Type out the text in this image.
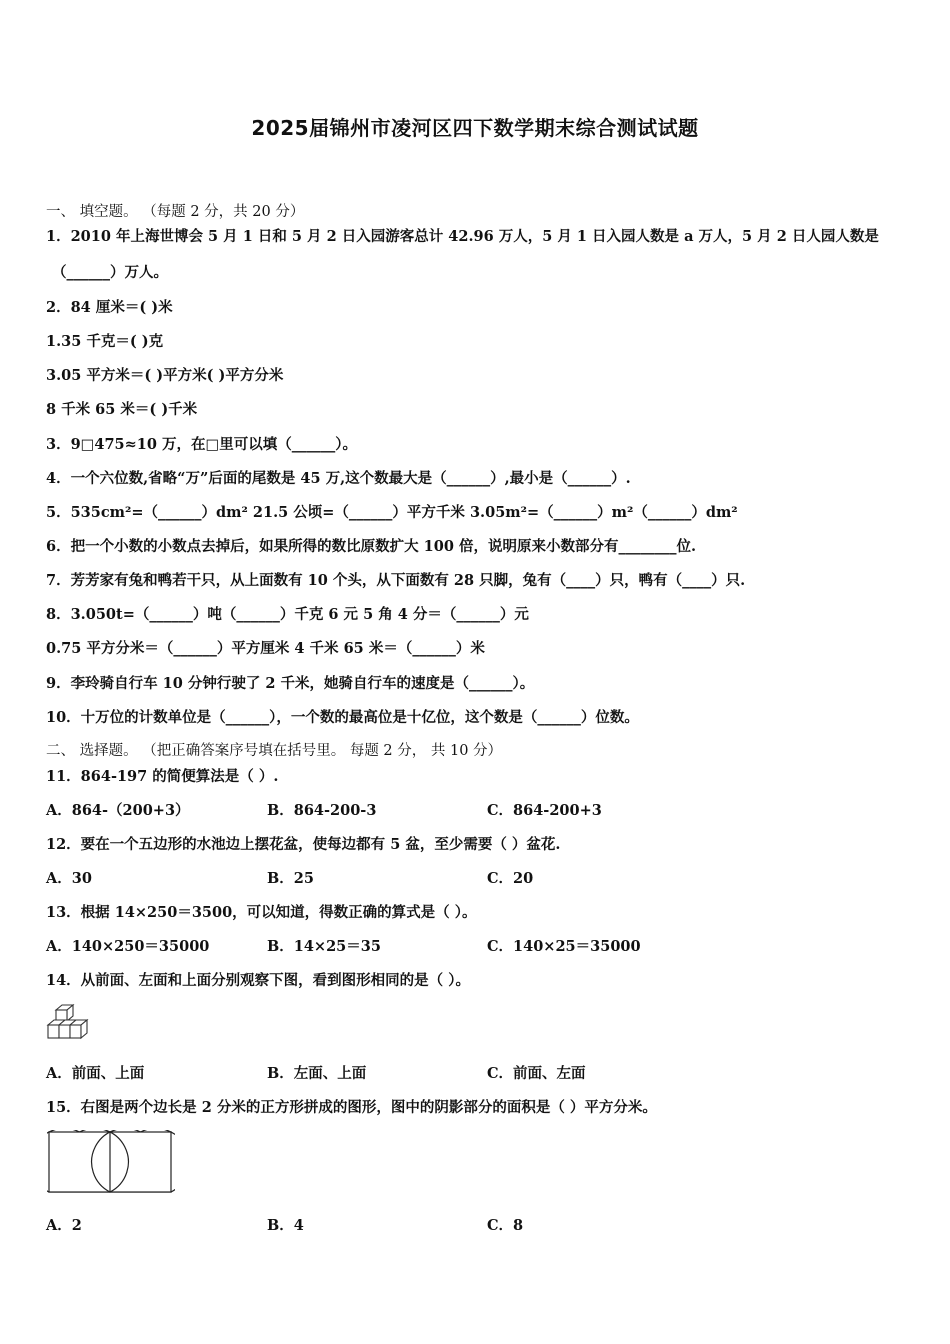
2025届锦州市凌河区四下数学期末综合测试试题
一、 填空题。 （每题 2 分，共 20 分）
1．2010 年上海世博会 5 月 1 日和 5 月 2 日入园游客总计 42.96 万人，5 月 1 日入园人数是 a 万人，5 月 2 日人园人数是
（______）万人。
2．84 厘米＝( )米
1.35 千克＝( )克
3.05 平方米＝( )平方米( )平方分米
8 千米 65 米＝( )千米
3．9□475≈10 万，在□里可以填（______）。
4．一个六位数,省略“万”后面的尾数是 45 万,这个数最大是（______）,最小是（______）.
5．535cm²=（______）dm² 21.5 公顷=（______）平方千米 3.05m²=（______）m²（______）dm²
6．把一个小数的小数点去掉后，如果所得的数比原数扩大 100 倍，说明原来小数部分有________位.
7．芳芳家有兔和鸭若干只，从上面数有 10 个头，从下面数有 28 只脚，兔有（____）只，鸭有（____）只.
8．3.050t=（______）吨（______）千克 6 元 5 角 4 分＝（______）元
0.75 平方分米＝（______）平方厘米 4 千米 65 米＝（______）米
9．李玲骑自行车 10 分钟行驶了 2 千米，她骑自行车的速度是（______）。
10．十万位的计数单位是（______），一个数的最高位是十亿位，这个数是（______）位数。
二、 选择题。 （把正确答案序号填在括号里。 每题 2 分， 共 10 分）
11．864-197 的简便算法是（ ）.
A．864-（200+3）	B．864-200-3	C．864-200+3
12．要在一个五边形的水池边上摆花盆，使每边都有 5 盆，至少需要（ ）盆花.
A．30	B．25	C．20
13．根据 14×250＝3500，可以知道，得数正确的算式是（ ）。
A．140×250＝35000	B．14×25＝35	C．140×25＝35000
14．从前面、左面和上面分别观察下图，看到图形相同的是（ ）。
A．前面、上面	B．左面、上面	C．前面、左面
15．右图是两个边长是 2 分米的正方形拼成的图形，图中的阴影部分的面积是（ ）平方分米。
A．2	B．4	C．8
